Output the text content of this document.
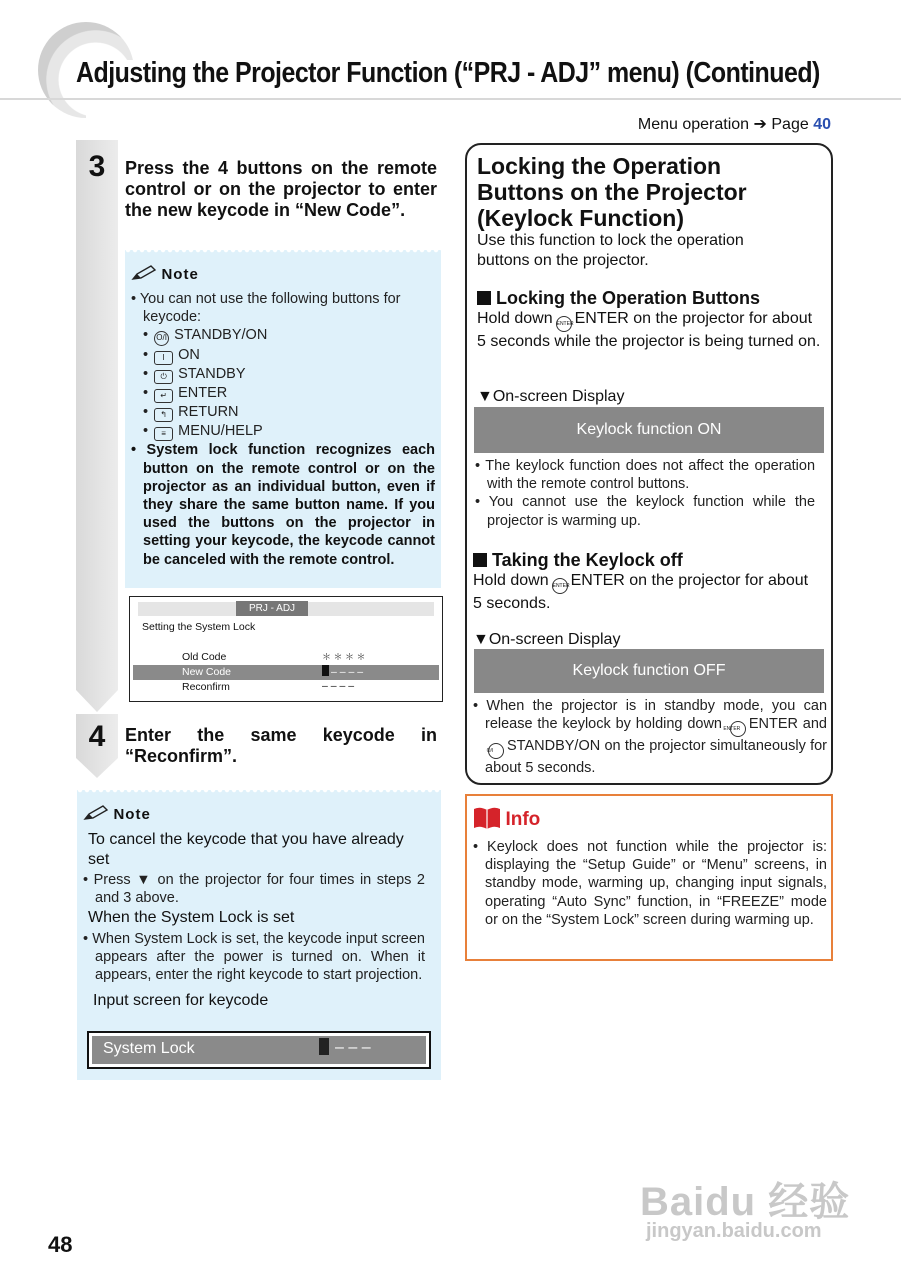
Adjusting the Projector Function (“PRJ - ADJ” menu) (Continued)
Menu operation ➔ Page 40
3	Press the 4 buttons on the remote control or on the projector to enter the new keycode in “New Code”.
Note

• You can not use the following buttons for keycode:

• O/I STANDBY/ON

• I ON

• ⏻ STANDBY

• ↵ ENTER

• ↰ RETURN

• ≡ MENU/HELP

• System lock function recognizes each button on the remote control or on the projector as an individual button, even if they share the same button name. If you used the buttons on the projector in setting your keycode, the keycode cannot be canceled with the remote control.

PRJ - ADJ
Setting the System Lock
Old Code	＊ ＊ ＊ ＊
New Code	– – – –
Reconfirm	– – – –
4	Enter the same keycode in “Reconfirm”.
Note
To cancel the keycode that you have already set
• Press ▼ on the projector for four times in steps 2 and 3 above.
When the System Lock is set
• When System Lock is set, the keycode input screen appears after the power is turned on. When it appears, enter the right keycode to start projection.
Input screen for keycode
System Lock	– – –
Locking the Operation
Buttons on the Projector
(Keylock Function)
Use this function to lock the operation buttons on the projector.
Locking the Operation Buttons
Hold down ENTERENTER on the projector for about 5 seconds while the projector is being turned on.
▼On-screen Display
Keylock function ON

• The keylock function does not affect the operation with the remote control buttons.

• You cannot use the keylock function while the projector is warming up.

Taking the Keylock off
Hold down ENTERENTER on the projector for about 5 seconds.
▼On-screen Display
Keylock function OFF
• When the projector is in standby mode, you can release the keylock by holding down ENTER ENTER and O/I STANDBY/ON on the projector simultaneously for about 5 seconds.
Info
• Keylock does not function while the projector is: displaying the “Setup Guide” or “Menu” screens, in standby mode, warming up, changing input signals, operating “Auto Sync” function, in “FREEZE” mode or on the “System Lock” screen during warming up.
48
Baidu 经验
jingyan.baidu.com
